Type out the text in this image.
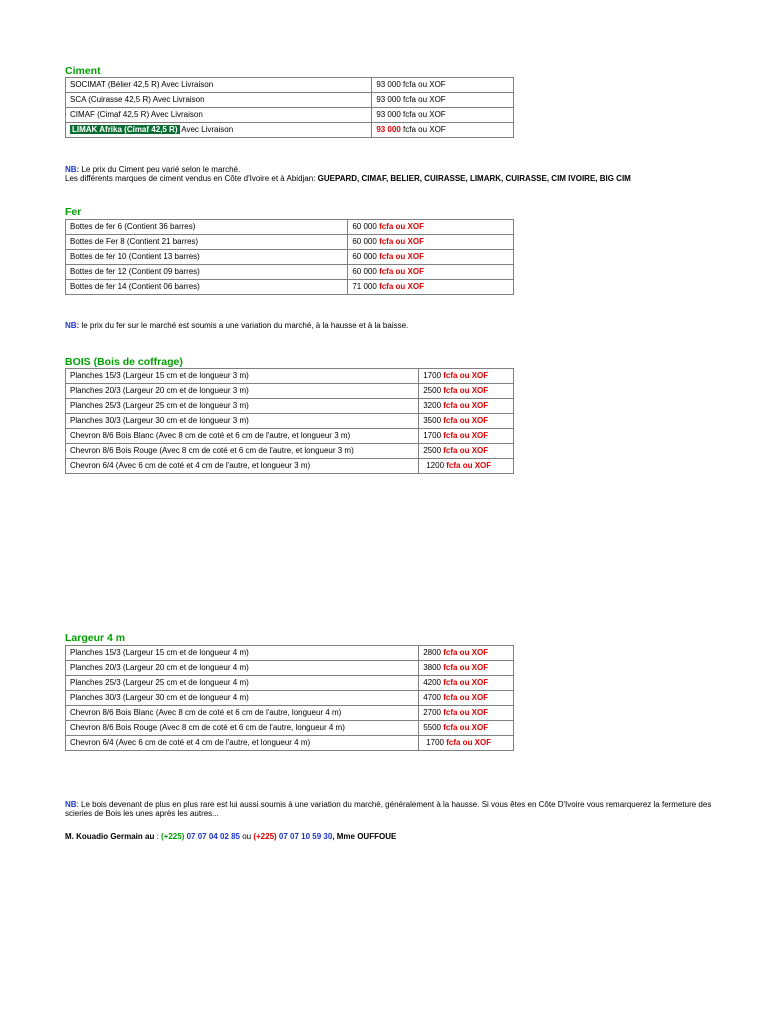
Ciment
SOCIMAT (Bélier 42,5 R) Avec Livraison	93 000 fcfa ou XOF
SCA (Cuirasse 42,5 R) Avec Livraison	93 000 fcfa ou XOF
CIMAF (Cimaf 42,5 R) Avec Livraison	93 000 fcfa ou XOF
LIMAK Afrika (Cimaf 42,5 R) Avec Livraison	93 000 fcfa ou XOF
NB: Le prix du Ciment peu varié selon le marché.
Les différents marques de ciment vendus en Côte d'Ivoire et à Abidjan: GUEPARD, CIMAF, BELIER, CUIRASSE, LIMARK, CUIRASSE, CIM IVOIRE, BIG CIM
Fer
Bottes de fer 6 (Contient 36 barres)	60 000 fcfa ou XOF
Bottes de Fer 8 (Contient 21 barres)	60 000 fcfa ou XOF
Bottes de fer 10 (Contient 13 barres)	60 000 fcfa ou XOF
Bottes de fer 12 (Contient 09 barres)	60 000 fcfa ou XOF
Bottes de fer 14 (Contient 06 barres)	71 000 fcfa ou XOF
NB: le prix du fer sur le marché est soumis a une variation du marché, à la hausse et à la baisse.
BOIS (Bois de coffrage)
Planches 15/3 (Largeur 15 cm et de longueur 3 m)	1700 fcfa ou XOF
Planches 20/3 (Largeur 20 cm et de longueur 3 m)	2500 fcfa ou XOF
Planches 25/3 (Largeur 25 cm et de longueur 3 m)	3200 fcfa ou XOF
Planches 30/3 (Largeur 30 cm et de longueur 3 m)	3500 fcfa ou XOF
Chevron 8/6 Bois Blanc (Avec 8 cm de coté et 6 cm de l'autre, et longueur 3 m)	1700 fcfa ou XOF
Chevron 8/6 Bois Rouge (Avec 8 cm de coté et 6 cm de l'autre, et longueur 3 m)	2500 fcfa ou XOF
Chevron 6/4 (Avec 6 cm de coté et 4 cm de l'autre, et longueur 3 m)	1200 fcfa ou XOF
Largeur 4 m
Planches 15/3 (Largeur 15 cm et de longueur 4 m)	2800 fcfa ou XOF
Planches 20/3 (Largeur 20 cm et de longueur 4 m)	3800 fcfa ou XOF
Planches 25/3 (Largeur 25 cm et de longueur 4 m)	4200 fcfa ou XOF
Planches 30/3 (Largeur 30 cm et de longueur 4 m)	4700 fcfa ou XOF
Chevron 8/6 Bois Blanc (Avec 8 cm de coté et 6 cm de l'autre, longueur 4 m)	2700 fcfa ou XOF
Chevron 8/6 Bois Rouge (Avec 8 cm de coté et 6 cm de l'autre, longueur 4 m)	5500 fcfa ou XOF
Chevron 6/4 (Avec 6 cm de coté et 4 cm de l'autre, et longueur 4 m)	1700 fcfa ou XOF
NB: Le bois devenant de plus en plus rare est lui aussi soumis à une variation du marché, généralement à la hausse. Si vous êtes en Côte D'Ivoire vous remarquerez la fermeture des scieries de Bois les unes après les autres...
M. Kouadio Germain au : (+225) 07 07 04 02 85 ou (+225) 07 07 10 59 30, Mme OUFFOUE
